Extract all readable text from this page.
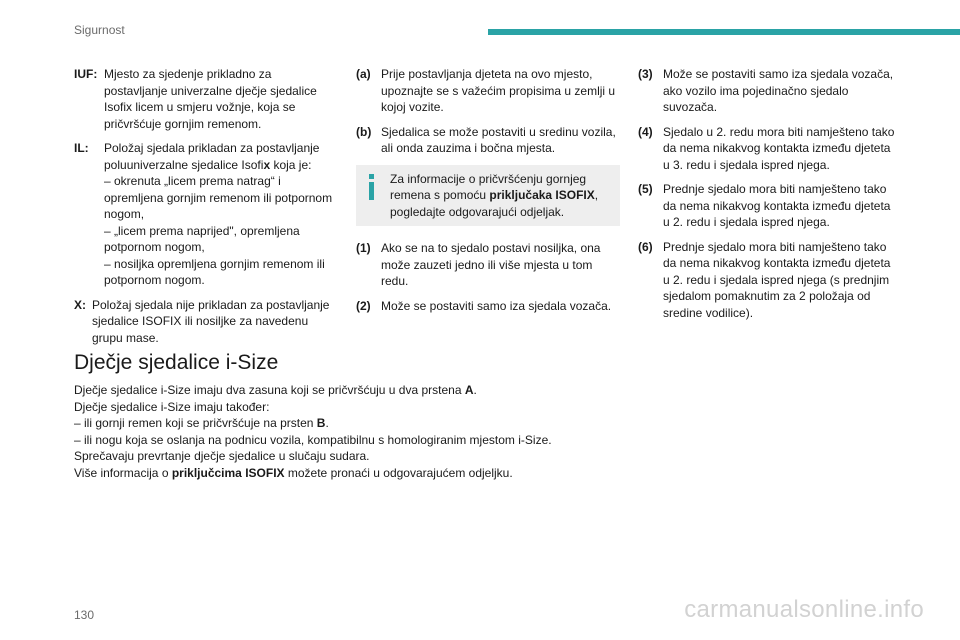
Sigurnost
IUF: Mjesto za sjedenje prikladno za postavljanje univerzalne dječje sjedalice Isofix licem u smjeru vožnje, koja se pričvršćuje gornjim remenom.
IL:	Položaj sjedala prikladan za postavljanje poluuniverzalne sjedalice Isofix koja je:

– okrenuta „licem prema natrag“ i opremljena gornjim remenom ili potpornom nogom,

– „licem prema naprijed", opremljena potpornom nogom,

– nosiljka opremljena gornjim remenom ili potpornom nogom.

X: Položaj sjedala nije prikladan za postavljanje sjedalice ISOFIX ili nosiljke za navedenu grupu mase.
(a) Prije postavljanja djeteta na ovo mjesto, upoznajte se s važećim propisima u zemlji u kojoj vozite.
(b) Sjedalica se može postaviti u sredinu vozila, ali onda zauzima i bočna mjesta.
Za informacije o pričvršćenju gornjeg remena s pomoću priključaka ISOFIX, pogledajte odgovarajući odjeljak.
(1) Ako se na to sjedalo postavi nosiljka, ona može zauzeti jedno ili više mjesta u tom redu.
(2) Može se postaviti samo iza sjedala vozača.
(3) Može se postaviti samo iza sjedala vozača, ako vozilo ima pojedinačno sjedalo suvozača.
(4) Sjedalo u 2. redu mora biti namješteno tako da nema nikakvog kontakta između djeteta u 3. redu i sjedala ispred njega.
(5) Prednje sjedalo mora biti namješteno tako da nema nikakvog kontakta između djeteta u 2. redu i sjedala ispred njega.
(6) Prednje sjedalo mora biti namješteno tako da nema nikakvog kontakta između djeteta u 2. redu i sjedala ispred njega (s prednjim sjedalom pomaknutim za 2 položaja od sredine vodilice).
Dječje sjedalice i-Size

Dječje sjedalice i-Size imaju dva zasuna koji se pričvršćuju u dva prstena A.

Dječje sjedalice i-Size imaju također:

– ili gornji remen koji se pričvršćuje na prsten B.

– ili nogu koja se oslanja na podnicu vozila, kompatibilnu s homologiranim mjestom i-Size.

Sprečavaju prevrtanje dječje sjedalice u slučaju sudara.

Više informacija o priključcima ISOFIX možete pronaći u odgovarajućem odjeljku.

130	carmanualsonline.info
